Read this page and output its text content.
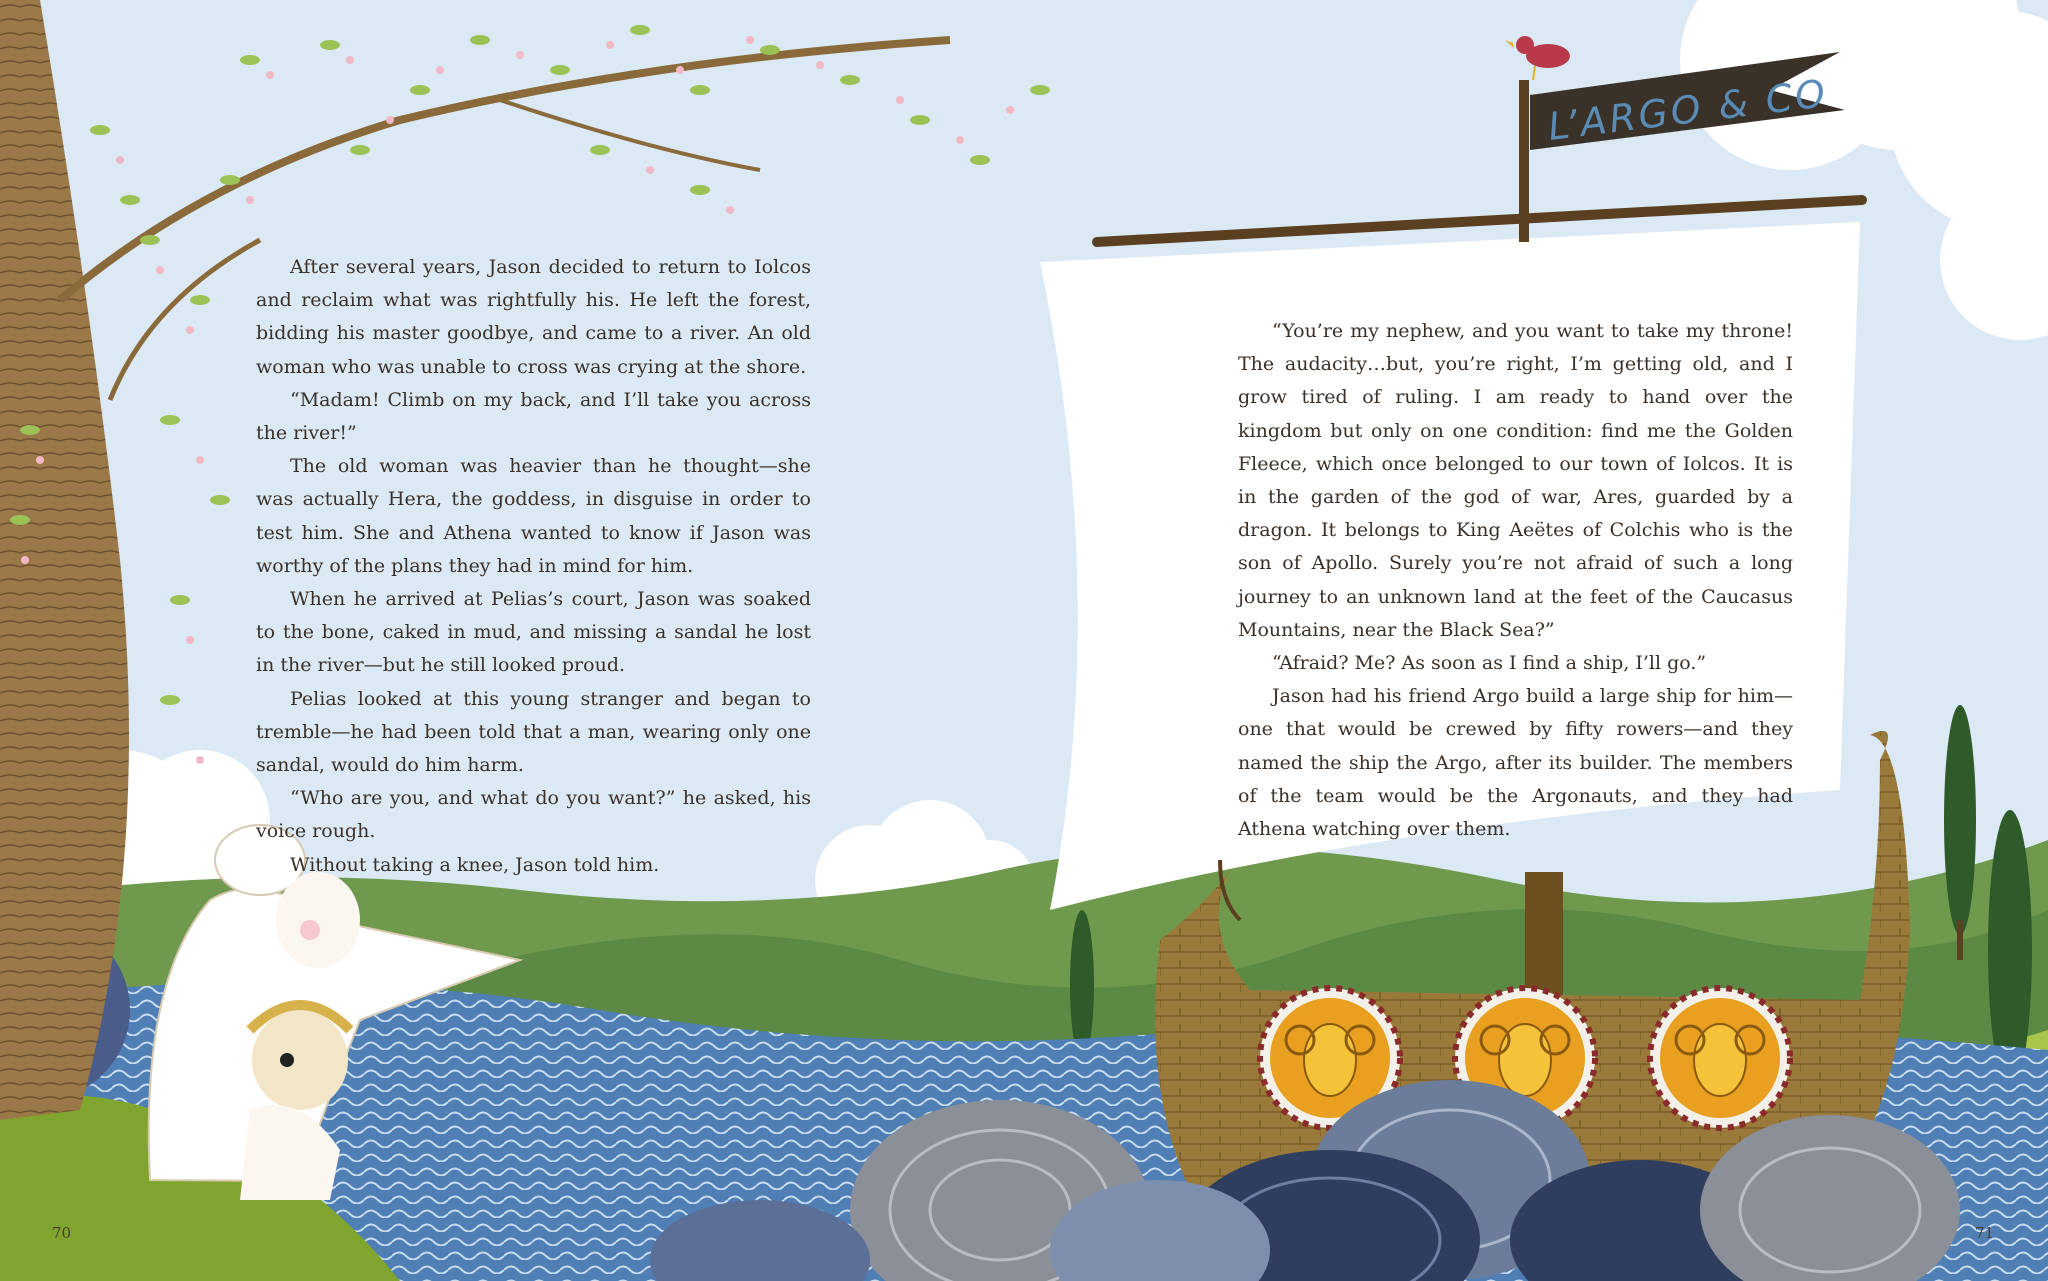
L’ARGO & CO

After several years, Jason decided to return to Iolcos and reclaim what was rightfully his. He left the forest, bidding his master goodbye, and came to a river. An old woman who was unable to cross was crying at the shore.

“Madam! Climb on my back, and I’ll take you across the river!”

The old woman was heavier than he thought—she was actually Hera, the goddess, in disguise in order to test him. She and Athena wanted to know if Jason was worthy of the plans they had in mind for him.

When he arrived at Pelias’s court, Jason was soaked to the bone, caked in mud, and missing a sandal he lost in the river—but he still looked proud.

Pelias looked at this young stranger and began to tremble—he had been told that a man, wearing only one sandal, would do him harm.

“Who are you, and what do you want?” he asked, his voice rough.

Without taking a knee, Jason told him.

“You’re my nephew, and you want to take my throne! The audacity…but, you’re right, I’m getting old, and I grow tired of ruling. I am ready to hand over the kingdom but only on one condition: find me the Golden Fleece, which once belonged to our town of Iolcos. It is in the garden of the god of war, Ares, guarded by a dragon. It belongs to King Aeëtes of Colchis who is the son of Apollo. Surely you’re not afraid of such a long journey to an unknown land at the feet of the Caucasus Mountains, near the Black Sea?”

“Afraid? Me? As soon as I find a ship, I’ll go.”

Jason had his friend Argo build a large ship for him—one that would be crewed by fifty rowers—and they named the ship the Argo, after its builder. The members of the team would be the Argonauts, and they had Athena watching over them.

70	71
